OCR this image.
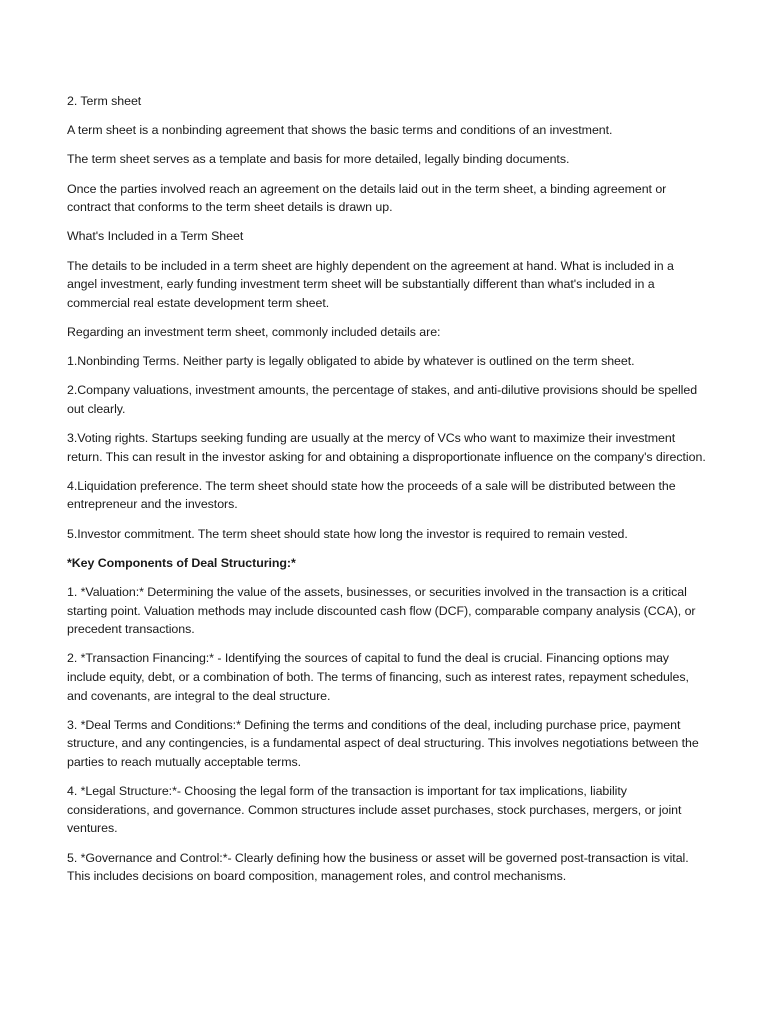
2. Term sheet

A term sheet is a nonbinding agreement that shows the basic terms and conditions of an investment.

The term sheet serves as a template and basis for more detailed, legally binding documents.

Once the parties involved reach an agreement on the details laid out in the term sheet, a binding agreement or contract that conforms to the term sheet details is drawn up.

What's Included in a Term Sheet

The details to be included in a term sheet are highly dependent on the agreement at hand. What is included in a angel investment, early funding investment term sheet will be substantially different than what's included in a commercial real estate development term sheet.

Regarding an investment term sheet, commonly included details are:

1.Nonbinding Terms. Neither party is legally obligated to abide by whatever is outlined on the term sheet.

2.Company valuations, investment amounts, the percentage of stakes, and anti-dilutive provisions should be spelled out clearly.

3.Voting rights. Startups seeking funding are usually at the mercy of VCs who want to maximize their investment return. This can result in the investor asking for and obtaining a disproportionate influence on the company's direction.

4.Liquidation preference. The term sheet should state how the proceeds of a sale will be distributed between the entrepreneur and the investors.

5.Investor commitment. The term sheet should state how long the investor is required to remain vested.

*Key Components of Deal Structuring:*

1. *Valuation:* Determining the value of the assets, businesses, or securities involved in the transaction is a critical starting point. Valuation methods may include discounted cash flow (DCF), comparable company analysis (CCA), or precedent transactions.

2. *Transaction Financing:* - Identifying the sources of capital to fund the deal is crucial. Financing options may include equity, debt, or a combination of both. The terms of financing, such as interest rates, repayment schedules, and covenants, are integral to the deal structure.

3. *Deal Terms and Conditions:* Defining the terms and conditions of the deal, including purchase price, payment structure, and any contingencies, is a fundamental aspect of deal structuring. This involves negotiations between the parties to reach mutually acceptable terms.

4. *Legal Structure:*- Choosing the legal form of the transaction is important for tax implications, liability considerations, and governance. Common structures include asset purchases, stock purchases, mergers, or joint ventures.

5. *Governance and Control:*- Clearly defining how the business or asset will be governed post-transaction is vital. This includes decisions on board composition, management roles, and control mechanisms.
